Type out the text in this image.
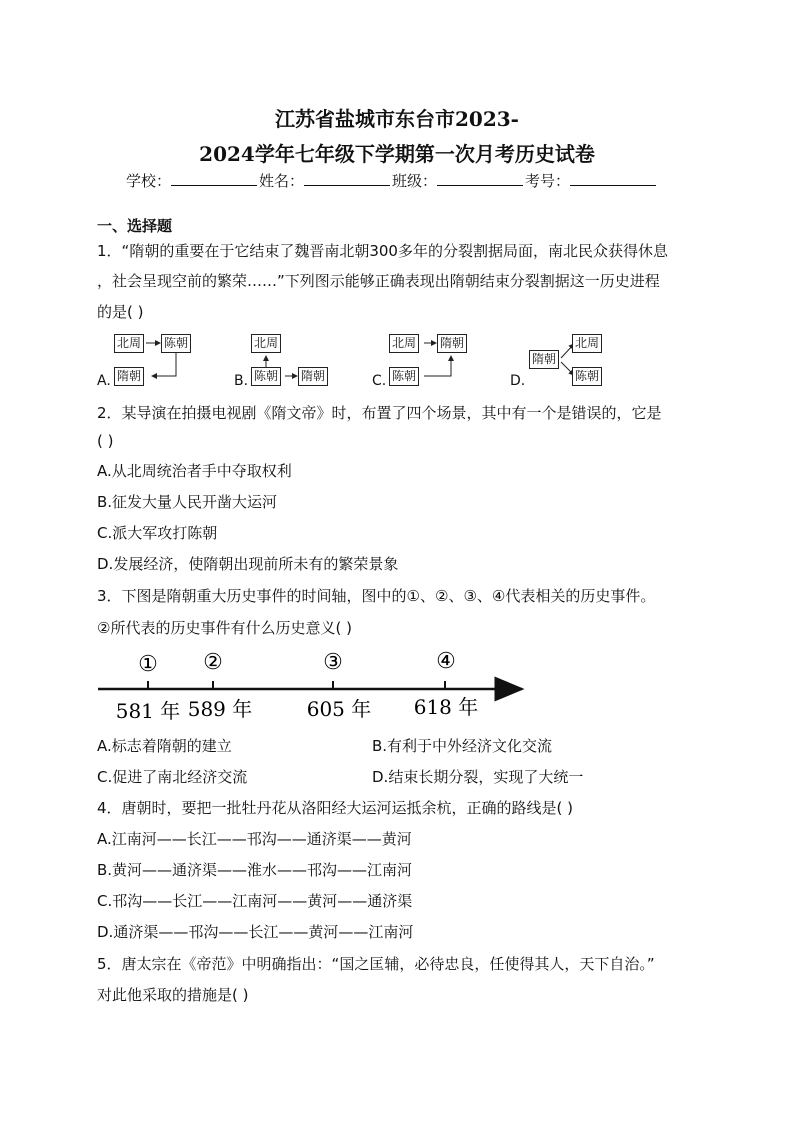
江苏省盐城市东台市2023-
2024学年七年级下学期第一次月考历史试卷
学校：	姓名：	班级：	考号：
一、选择题
1．“隋朝的重要在于它结束了魏晋南北朝300多年的分裂割据局面，南北民众获得休息
，社会呈现空前的繁荣……”下列图示能够正确表现出隋朝结束分裂割据这一历史进程
的是( )
北周 陈朝
隋朝
A.
北周
陈朝 隋朝
B.
北周 隋朝
陈朝
C.
隋朝
北周
陈朝
D.
2．某导演在拍摄电视剧《隋文帝》时，布置了四个场景，其中有一个是错误的，它是
( )
A.从北周统治者手中夺取权利
B.征发大量人民开凿大运河
C.派大军攻打陈朝
D.发展经济，使隋朝出现前所未有的繁荣景象
3．下图是隋朝重大历史事件的时间轴，图中的①、②、③、④代表相关的历史事件。
②所代表的历史事件有什么历史意义( )
① ②	③	④
581 年 589 年	605 年 618 年
A.标志着隋朝的建立	B.有利于中外经济文化交流
C.促进了南北经济交流	D.结束长期分裂，实现了大统一
4．唐朝时，要把一批牡丹花从洛阳经大运河运抵余杭，正确的路线是( )
A.江南河——长江——邗沟——通济渠——黄河
B.黄河——通济渠——淮水——邗沟——江南河
C.邗沟——长江——江南河——黄河——通济渠
D.通济渠——邗沟——长江——黄河——江南河
5．唐太宗在《帝范》中明确指出：“国之匡辅，必待忠良，任使得其人，天下自治。”
对此他采取的措施是( )
